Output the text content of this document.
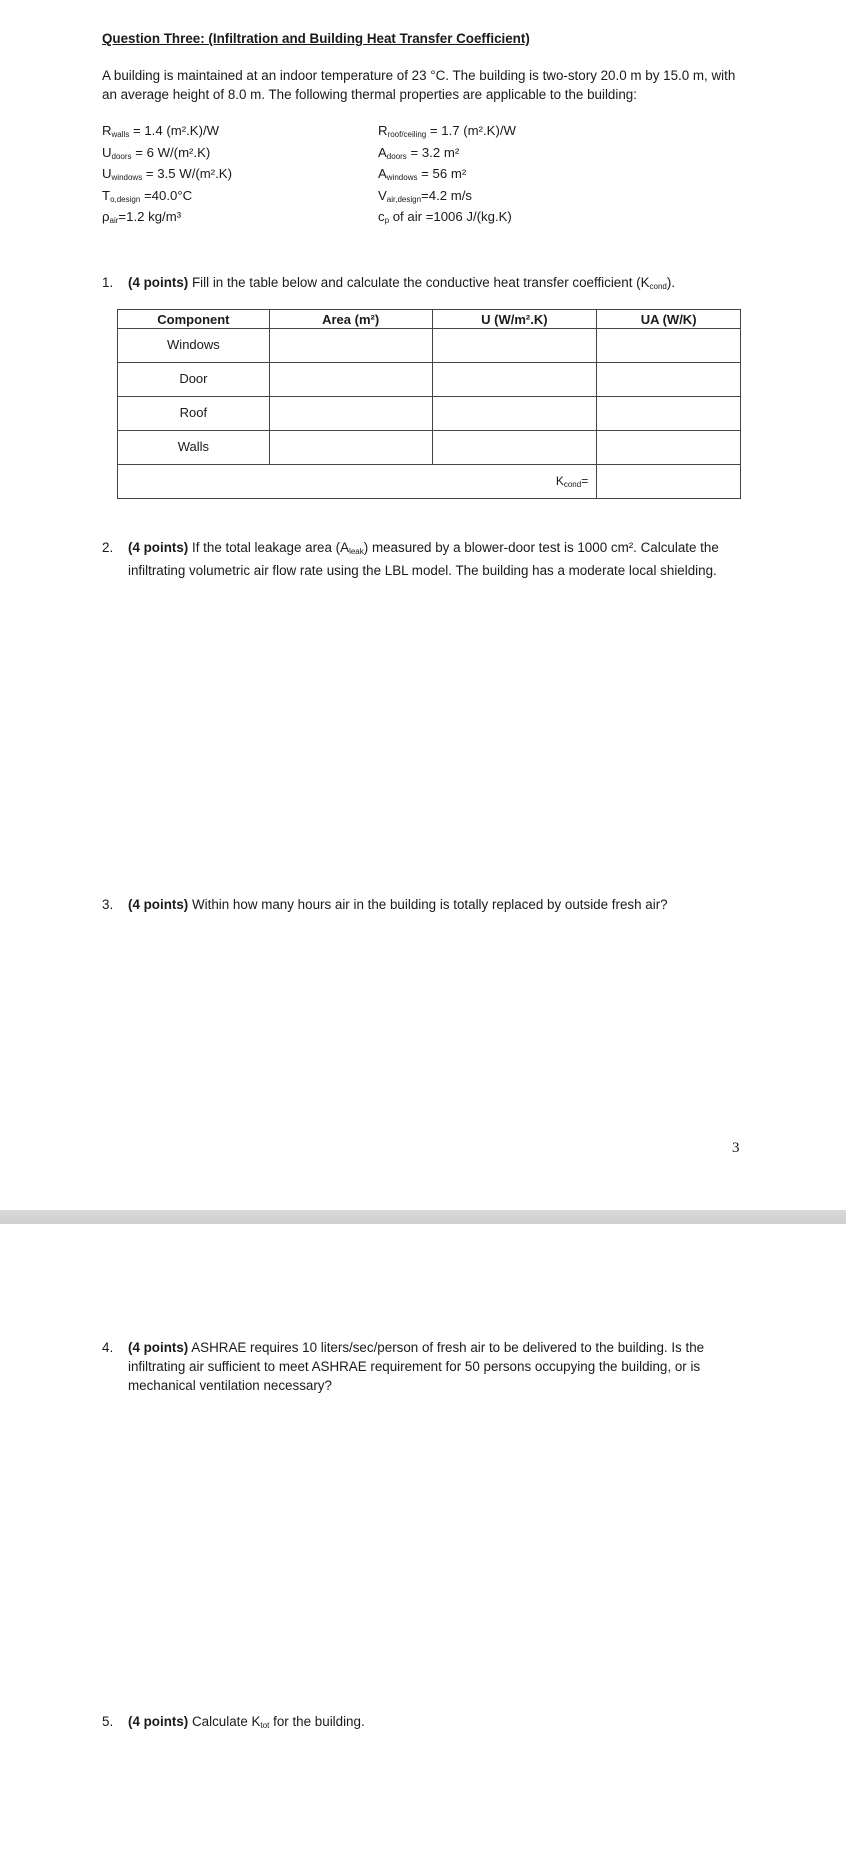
Question Three: (Infiltration and Building Heat Transfer Coefficient)
A building is maintained at an indoor temperature of 23 °C. The building is two-story 20.0 m by 15.0 m, with an average height of 8.0 m. The following thermal properties are applicable to the building:
$R_{walls} = 1.4$ (m².K)/W
$U_{doors} = 6$ W/(m².K)
$U_{windows} = 3.5$ W/(m².K)
$T_{o,design} =40.0^\circ C$
$\rho_{air}=1.2$ kg/m³
$R_{roof/ceiling} = 1.7$ (m².K)/W
$A_{doors} = 3.2$ m²
$A_{windows} = 56$ m²
$V_{air,design}=4.2$ m/s
$c_p$ of air =1006 J/(kg.K)
1. (4 points) Fill in the table below and calculate the conductive heat transfer coefficient $(K_{cond})$.
Component	Area (m²)	U (W/m².K)	UA (W/K)
Windows			
Door			
Roof			
Walls			
$K_{cond}=$			
2. (4 points) If the total leakage area $(A_{leak})$ measured by a blower-door test is 1000 cm². Calculate the infiltrating volumetric air flow rate using the LBL model. The building has a moderate local shielding.
3. (4 points) Within how many hours air in the building is totally replaced by outside fresh air?
3
4. (4 points) ASHRAE requires 10 liters/sec/person of fresh air to be delivered to the building. Is the infiltrating air sufficient to meet ASHRAE requirement for 50 persons occupying the building, or is mechanical ventilation necessary?
5. (4 points) Calculate $K_{tot}$ for the building.
